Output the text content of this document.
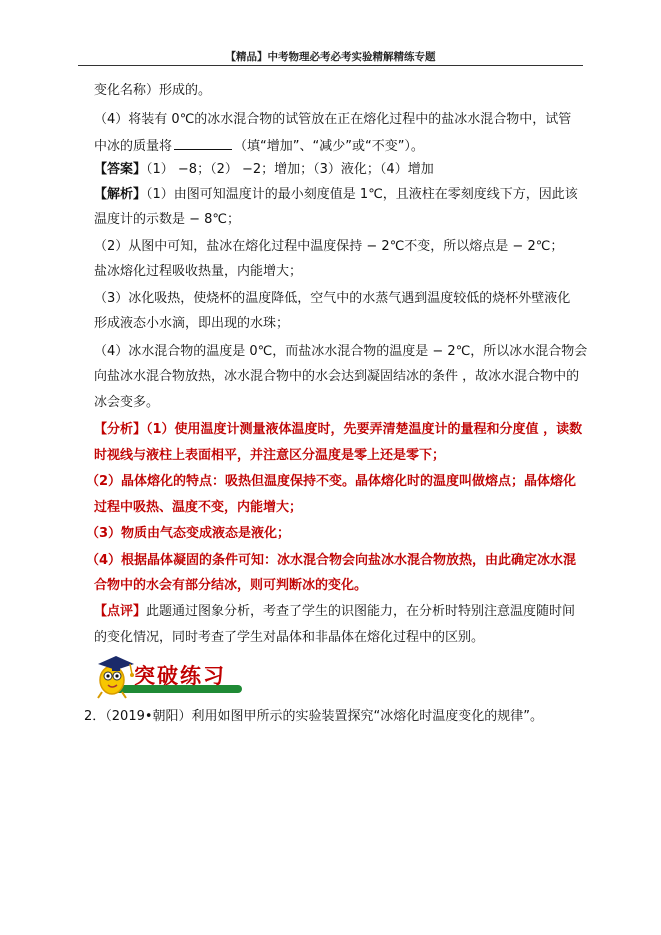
【精品】中考物理必考必考实验精解精练专题
变化名称）形成的。
（4）将装有 0℃的冰水混合物的试管放在正在熔化过程中的盐冰水混合物中，试管
中冰的质量将	（填“增加”、“减少”或“不变”）。
【答案】（1） −8；（2） −2；增加；（3）液化；（4）增加
【解析】（1）由图可知温度计的最小刻度值是 1℃，且液柱在零刻度线下方，因此该
温度计的示数是 − 8℃；
（2）从图中可知，盐冰在熔化过程中温度保持 − 2℃不变，所以熔点是 − 2℃；
盐冰熔化过程吸收热量，内能增大；
（3）冰化吸热，使烧杯的温度降低，空气中的水蒸气遇到温度较低的烧杯外壁液化
形成液态小水滴，即出现的水珠；
（4）冰水混合物的温度是 0℃，而盐冰水混合物的温度是 − 2℃，所以冰水混合物会
向盐冰水混合物放热，冰水混合物中的水会达到凝固结冰的条件 ，故冰水混合物中的
冰会变多。
【分析】（1）使用温度计测量液体温度时，先要弄清楚温度计的量程和分度值 ，读数
时视线与液柱上表面相平，并注意区分温度是零上还是零下；
（2）晶体熔化的特点：吸热但温度保持不变。晶体熔化时的温度叫做熔点；晶体熔化
过程中吸热、温度不变，内能增大；
（3）物质由气态变成液态是液化；
（4）根据晶体凝固的条件可知：冰水混合物会向盐冰水混合物放热，由此确定冰水混
合物中的水会有部分结冰，则可判断冰的变化。
【点评】此题通过图象分析，考查了学生的识图能力，在分析时特别注意温度随时间
的变化情况，同时考查了学生对晶体和非晶体在熔化过程中的区别。
突破练习
2．（2019•朝阳）利用如图甲所示的实验装置探究“冰熔化时温度变化的规律”。
